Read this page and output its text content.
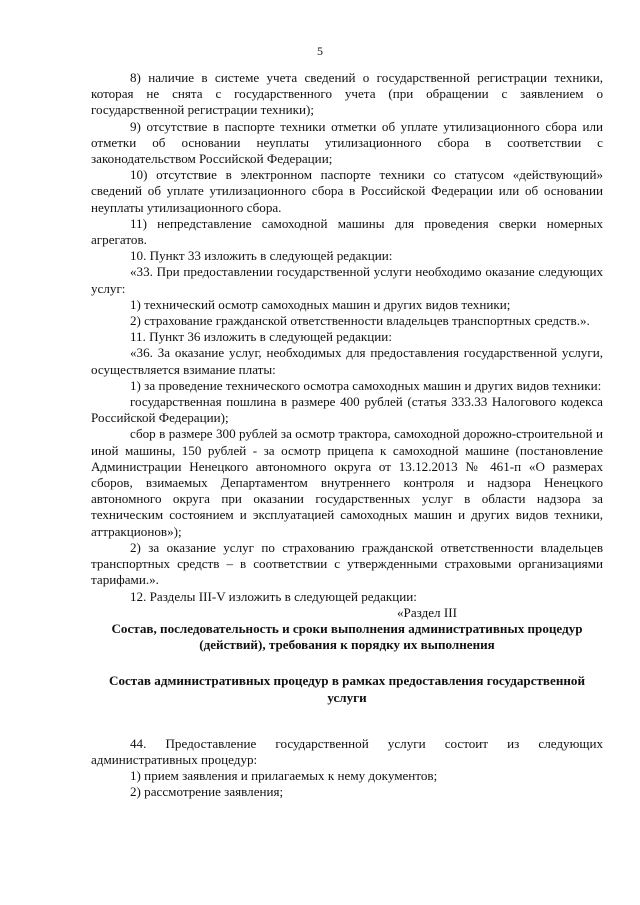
5

8) наличие в системе учета сведений о государственной регистрации техники, которая не снята с государственного учета (при обращении с заявлением о государственной регистрации техники);

9) отсутствие в паспорте техники отметки об уплате утилизационного сбора или отметки об основании неуплаты утилизационного сбора в соответствии с законодательством Российской Федерации;

10) отсутствие в электронном паспорте техники со статусом «действующий» сведений об уплате утилизационного сбора в Российской Федерации или об основании неуплаты утилизационного сбора.

11) непредставление самоходной машины для проведения сверки номерных агрегатов.

10. Пункт 33 изложить в следующей редакции:

«33. При предоставлении государственной услуги необходимо оказание следующих услуг:

1) технический осмотр самоходных машин и других видов техники;

2) страхование гражданской ответственности владельцев транспортных средств.».

11. Пункт 36 изложить в следующей редакции:

«36. За оказание услуг, необходимых для предоставления государственной услуги, осуществляется взимание платы:

1) за проведение технического осмотра самоходных машин и других видов техники:

государственная пошлина в размере 400 рублей (статья 333.33 Налогового кодекса Российской Федерации);

сбор в размере 300 рублей за осмотр трактора, самоходной дорожно-строительной и иной машины, 150 рублей - за осмотр прицепа к самоходной машине (постановление Администрации Ненецкого автономного округа от 13.12.2013 № 461-п «О размерах сборов, взимаемых Департаментом внутреннего контроля и надзора Ненецкого автономного округа при оказании государственных услуг в области надзора за техническим состоянием и эксплуатацией самоходных машин и других видов техники, аттракционов»);

2) за оказание услуг по страхованию гражданской ответственности владельцев транспортных средств – в соответствии с утвержденными страховыми организациями тарифами.».

12. Разделы III-V изложить в следующей редакции:

«Раздел III

Состав, последовательность и сроки выполнения административных процедур (действий), требования к порядку их выполнения

Состав административных процедур в рамках предоставления государственной услуги

44. Предоставление государственной услуги состоит из следующих административных процедур:

1) прием заявления и прилагаемых к нему документов;

2) рассмотрение заявления;
